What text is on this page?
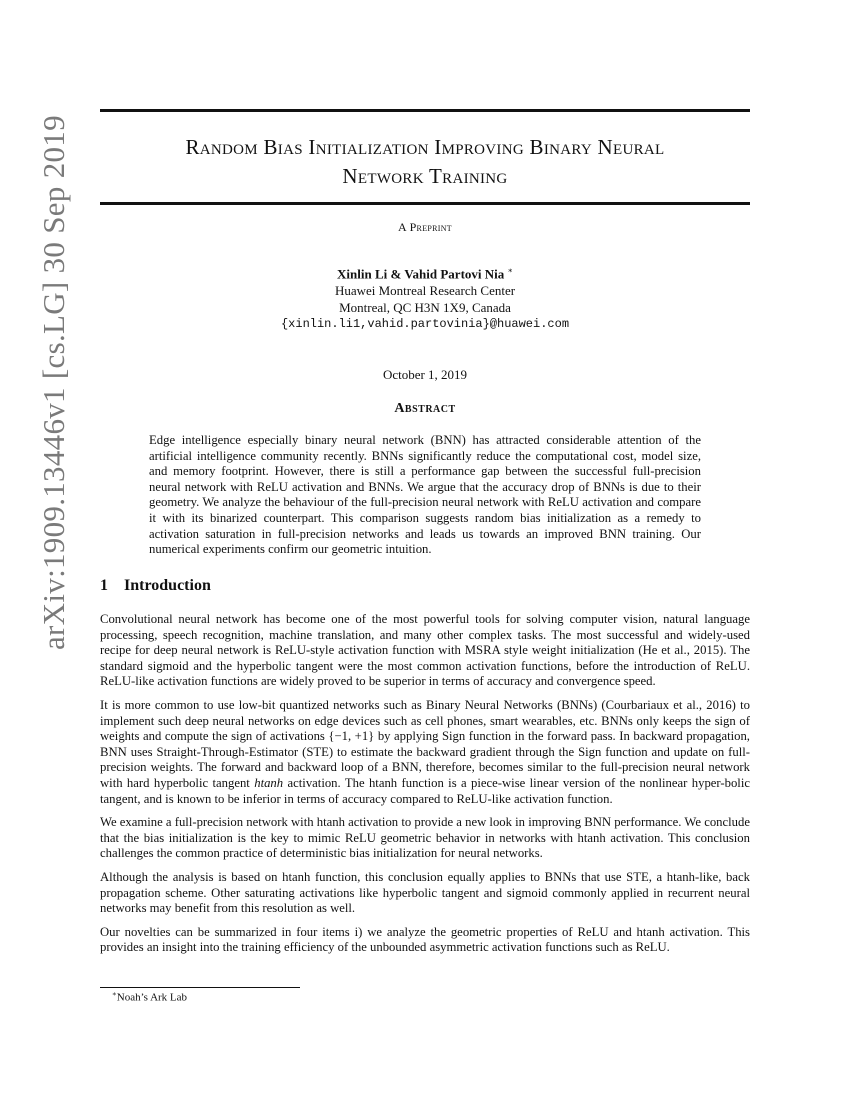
arXiv:1909.13446v1 [cs.LG] 30 Sep 2019	Random Bias Initialization Improving Binary Neural
Network Training
A Preprint
Xinlin Li & Vahid Partovi Nia ∗
Huawei Montreal Research Center
Montreal, QC H3N 1X9, Canada
{xinlin.li1,vahid.partovinia}@huawei.com
October 1, 2019
Abstract
Edge intelligence especially binary neural network (BNN) has attracted considerable attention of the artificial intelligence community recently. BNNs significantly reduce the computational cost, model size, and memory footprint. However, there is still a performance gap between the successful full-precision neural network with ReLU activation and BNNs. We argue that the accuracy drop of BNNs is due to their geometry. We analyze the behaviour of the full-precision neural network with ReLU activation and compare it with its binarized counterpart. This comparison suggests random bias initialization as a remedy to activation saturation in full-precision networks and leads us towards an improved BNN training. Our numerical experiments confirm our geometric intuition.
1 Introduction

Convolutional neural network has become one of the most powerful tools for solving computer vision, natural language processing, speech recognition, machine translation, and many other complex tasks. The most successful and widely-used recipe for deep neural network is ReLU-style activation function with MSRA style weight initialization (He et al., 2015). The standard sigmoid and the hyperbolic tangent were the most common activation functions, before the introduction of ReLU. ReLU-like activation functions are widely proved to be superior in terms of accuracy and convergence speed.

It is more common to use low-bit quantized networks such as Binary Neural Networks (BNNs) (Courbariaux et al., 2016) to implement such deep neural networks on edge devices such as cell phones, smart wearables, etc. BNNs only keeps the sign of weights and compute the sign of activations {−1, +1} by applying Sign function in the forward pass. In backward propagation, BNN uses Straight-Through-Estimator (STE) to estimate the backward gradient through the Sign function and update on full-precision weights. The forward and backward loop of a BNN, therefore, becomes similar to the full-precision neural network with hard hyperbolic tangent htanh activation. The htanh function is a piece-wise linear version of the nonlinear hyper-bolic tangent, and is known to be inferior in terms of accuracy compared to ReLU-like activation function.

We examine a full-precision network with htanh activation to provide a new look in improving BNN performance. We conclude that the bias initialization is the key to mimic ReLU geometric behavior in networks with htanh activation. This conclusion challenges the common practice of deterministic bias initialization for neural networks.

Although the analysis is based on htanh function, this conclusion equally applies to BNNs that use STE, a htanh-like, back propagation scheme. Other saturating activations like hyperbolic tangent and sigmoid commonly applied in recurrent neural networks may benefit from this resolution as well.

Our novelties can be summarized in four items i) we analyze the geometric properties of ReLU and htanh activation. This provides an insight into the training efficiency of the unbounded asymmetric activation functions such as ReLU.

∗Noah’s Ark Lab
